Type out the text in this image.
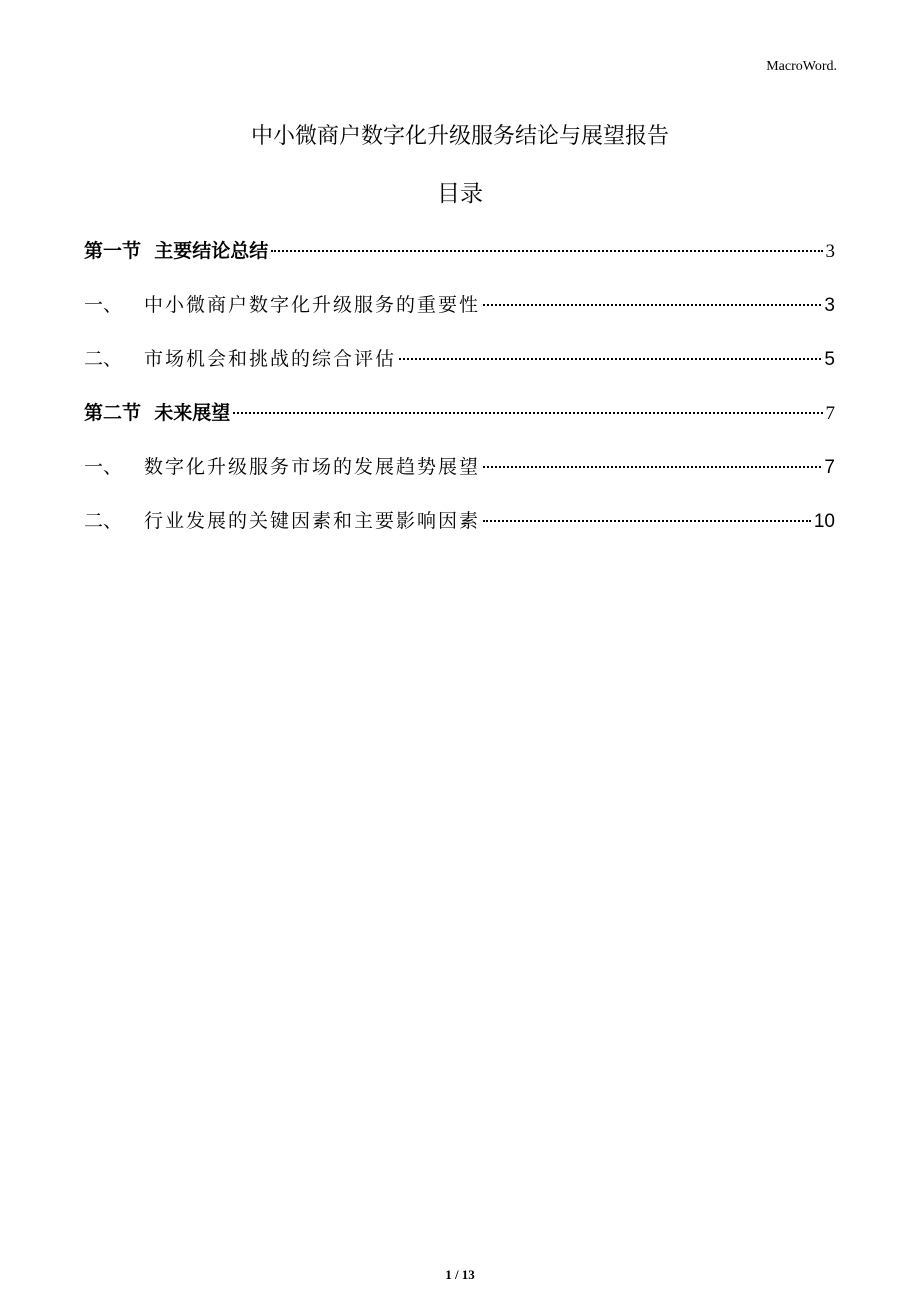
MacroWord.
中小微商户数字化升级服务结论与展望报告
目录
第一节  主要结论总结	3
一、	中小微商户数字化升级服务的重要性	3
二、	市场机会和挑战的综合评估	5
第二节  未来展望	7
一、	数字化升级服务市场的发展趋势展望	7
二、	行业发展的关键因素和主要影响因素	10
1 / 13
